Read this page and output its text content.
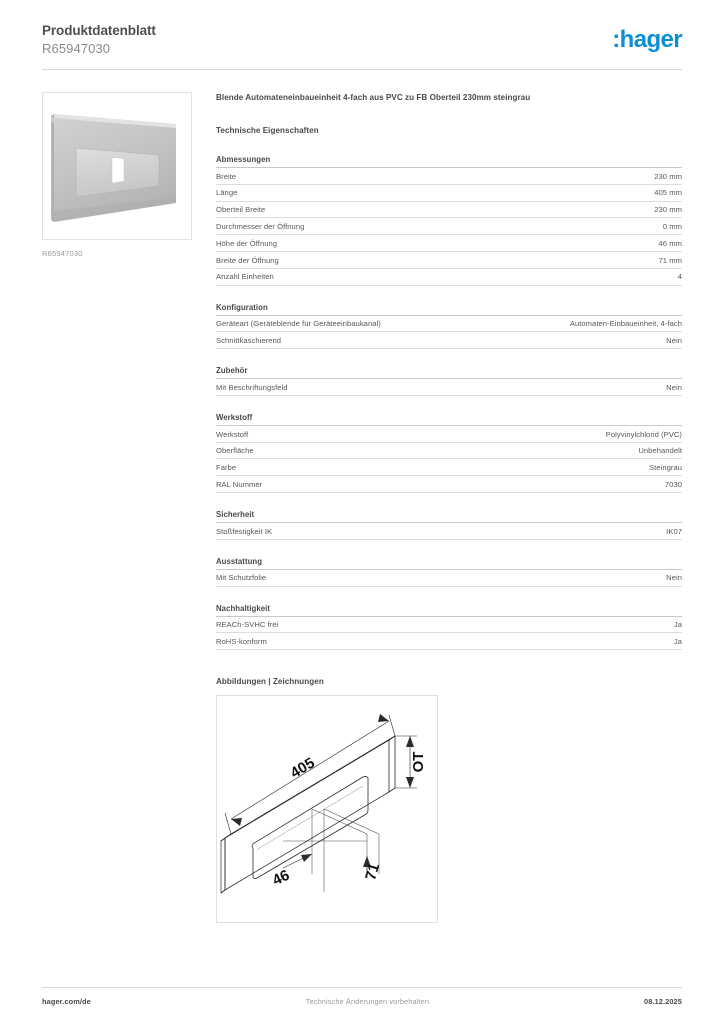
Produktdatenblatt
R65947030	:hager
R65947030
Blende Automateneinbaueinheit 4-fach aus PVC zu FB Oberteil 230mm steingrau
Technische Eigenschaften
Abmessungen
Breite	230 mm
Länge	405 mm
Oberteil Breite	230 mm
Durchmesser der Öffnung	0 mm
Höhe der Öffnung	46 mm
Breite der Öffnung	71 mm
Anzahl Einheiten	4
Konfiguration
Geräteart (Geräteblende für Geräteeinbaukanal)	Automaten-Einbaueinheit, 4-fach
Schnittkaschierend	Nein
Zubehör
Mit Beschriftungsfeld	Nein
Werkstoff
Werkstoff	Polyvinylchlorid (PVC)
Oberfläche	Unbehandelt
Farbe	Steingrau
RAL Nummer	7030
Sicherheit
Stoßfestigkeit IK	IK07
Ausstattung
Mit Schutzfolie	Nein
Nachhaltigkeit
REACh-SVHC frei	Ja
RoHS-konform	Ja
Abbildungen | Zeichnungen
405	OT
46	71
hager.com/de	Technische Änderungen vorbehalten	08.12.2025
